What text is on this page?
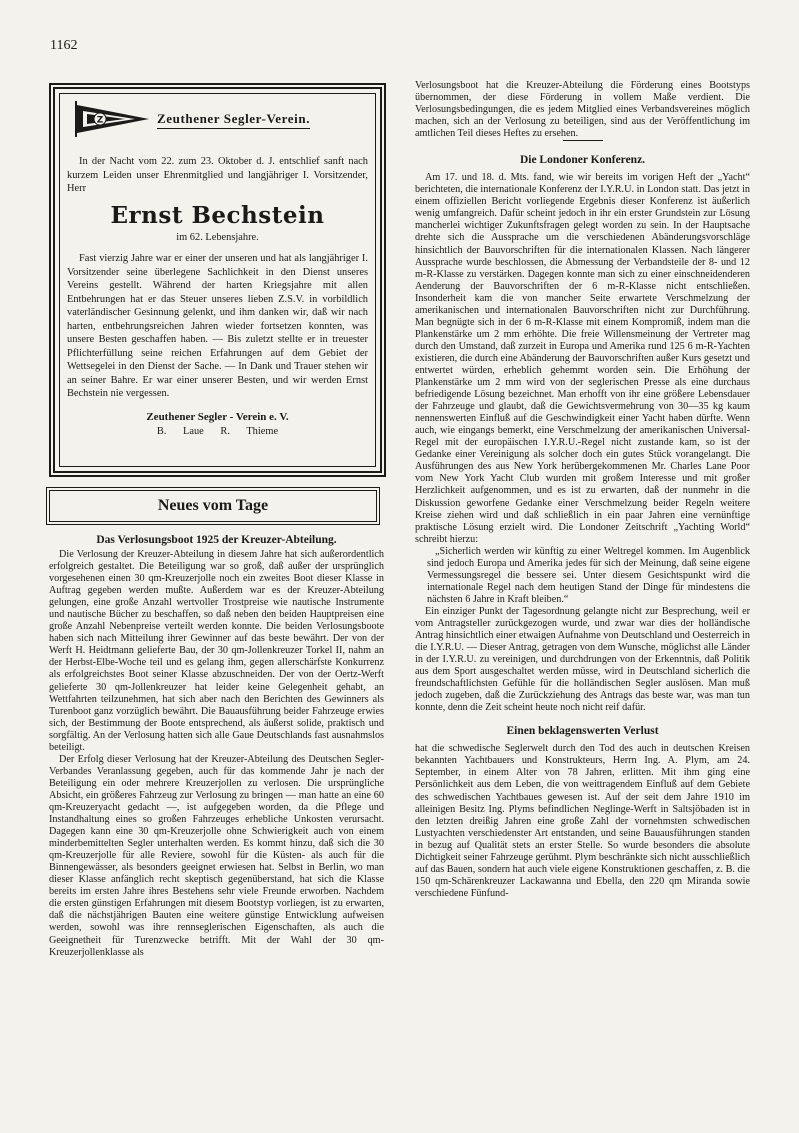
1162
Z	Zeuthener Segler-Verein.

In der Nacht vom 22. zum 23. Oktober d. J. entschlief sanft nach kurzem Leiden unser Ehrenmitglied und langjähriger I. Vorsitzender, Herr

Ernst Bechstein

im 62. Lebensjahre.

Fast vierzig Jahre war er einer der unseren und hat als langjähriger I. Vorsitzender seine überlegene Sachlichkeit in den Dienst unseres Vereins gestellt. Während der harten Kriegsjahre mit allen Entbehrungen hat er das Steuer unseres lieben Z.S.V. in vorbildlich vaterländischer Gesinnung gelenkt, und ihm danken wir, daß wir nach harten, entbehrungsreichen Jahren wieder fortsetzen konnten, was unsere Besten geschaffen haben. — Bis zuletzt stellte er in treuester Pflichterfüllung seine reichen Erfahrungen auf dem Gebiet der Wettsegelei in den Dienst der Sache. — In Dank und Trauer stehen wir an seiner Bahre. Er war einer unserer Besten, und wir werden Ernst Bechstein nie vergessen.

Zeuthener Segler - Verein e. V.
B. Laue R. Thieme
Neues vom Tage
Das Verlosungsboot 1925 der Kreuzer-Abteilung.

Die Verlosung der Kreuzer-Abteilung in diesem Jahre hat sich außerordentlich erfolgreich gestaltet. Die Beteiligung war so groß, daß außer der ursprünglich vorgesehenen einen 30 qm-Kreuzerjolle noch ein zweites Boot dieser Klasse in Auftrag gegeben werden mußte. Außerdem war es der Kreuzer-Abteilung gelungen, eine große Anzahl wertvoller Trostpreise wie nautische Instrumente und nautische Bücher zu beschaffen, so daß neben den beiden Hauptpreisen eine große Anzahl Nebenpreise verteilt werden konnte. Die beiden Verlosungsboote haben sich nach Mitteilung ihrer Gewinner auf das beste bewährt. Der von der Werft H. Heidtmann gelieferte Bau, der 30 qm-Jollenkreuzer Torkel II, nahm an der Herbst-Elbe-Woche teil und es gelang ihm, gegen allerschärfste Konkurrenz als erfolgreichstes Boot seiner Klasse abzuschneiden. Der von der Oertz-Werft gelieferte 30 qm-Jollenkreuzer hat leider keine Gelegenheit gehabt, an Wettfahrten teilzunehmen, hat sich aber nach den Berichten des Gewinners als Turenboot ganz vorzüglich bewährt. Die Bauausführung beider Fahrzeuge erwies sich, der Bestimmung der Boote entsprechend, als äußerst solide, praktisch und sorgfältig. An der Verlosung hatten sich alle Gaue Deutschlands fast ausnahmslos beteiligt.

Der Erfolg dieser Verlosung hat der Kreuzer-Abteilung des Deutschen Segler-Verbandes Veranlassung gegeben, auch für das kommende Jahr je nach der Beteiligung ein oder mehrere Kreuzerjollen zu verlosen. Die ursprüngliche Absicht, ein größeres Fahrzeug zur Verlosung zu bringen — man hatte an eine 60 qm-Kreuzeryacht gedacht —, ist aufgegeben worden, da die Pflege und Instandhaltung eines so großen Fahrzeuges erhebliche Unkosten verursacht. Dagegen kann eine 30 qm-Kreuzerjolle ohne Schwierigkeit auch von einem minderbemittelten Segler unterhalten werden. Es kommt hinzu, daß sich die 30 qm-Kreuzerjolle für alle Reviere, sowohl für die Küsten- als auch für die Binnengewässer, als besonders geeignet erwiesen hat. Selbst in Berlin, wo man dieser Klasse anfänglich recht skeptisch gegenüberstand, hat sich die Klasse bereits im ersten Jahre ihres Bestehens sehr viele Freunde erworben. Nachdem die ersten günstigen Erfahrungen mit diesem Bootstyp vorliegen, ist zu erwarten, daß die nächstjährigen Bauten eine weitere günstige Entwicklung aufweisen werden, sowohl was ihre rennseglerischen Eigenschaften, als auch die Geeignetheit für Turenzwecke betrifft. Mit der Wahl der 30 qm-Kreuzerjollenklasse als

Verlosungsboot hat die Kreuzer-Abteilung die Förderung eines Bootstyps übernommen, der diese Förderung in vollem Maße verdient. Die Verlosungsbedingungen, die es jedem Mitglied eines Verbandsvereines möglich machen, sich an der Verlosung zu beteiligen, sind aus der Veröffentlichung im amtlichen Teil dieses Heftes zu ersehen.

Die Londoner Konferenz.

Am 17. und 18. d. Mts. fand, wie wir bereits im vorigen Heft der „Yacht“ berichteten, die internationale Konferenz der I.Y.R.U. in London statt. Das jetzt in einem offiziellen Bericht vorliegende Ergebnis dieser Konferenz ist äußerlich wenig umfangreich. Dafür scheint jedoch in ihr ein erster Grundstein zur Lösung mancherlei wichtiger Zukunftsfragen gelegt worden zu sein. In der Hauptsache drehte sich die Aussprache um die verschiedenen Abänderungsvorschläge hinsichtlich der Bauvorschriften für die internationalen Klassen. Nach längerer Aussprache wurde beschlossen, die Abmessung der Verbandsteile der 8- und 12 m-R-Klasse zu verstärken. Dagegen konnte man sich zu einer einschneidenderen Aenderung der Bauvorschriften der 6 m-R-Klasse nicht entschließen. Insonderheit kam die von mancher Seite erwartete Verschmelzung der amerikanischen und internationalen Bauvorschriften nicht zur Durchführung. Man begnügte sich in der 6 m-R-Klasse mit einem Kompromiß, indem man die Plankenstärke um 2 mm erhöhte. Die freie Willensmeinung der Vertreter mag durch den Umstand, daß zurzeit in Europa und Amerika rund 125 6 m-R-Yachten existieren, die durch eine Abänderung der Bauvorschriften außer Kurs gesetzt und entwertet würden, erheblich gehemmt worden sein. Die Erhöhung der Plankenstärke um 2 mm wird von der seglerischen Presse als eine durchaus befriedigende Lösung bezeichnet. Man erhofft von ihr eine größere Lebensdauer der Fahrzeuge und glaubt, daß die Gewichtsvermehrung von 30—35 kg kaum nennenswerten Einfluß auf die Geschwindigkeit einer Yacht haben dürfte. Wenn auch, wie eingangs bemerkt, eine Verschmelzung der amerikanischen Universal-Regel mit der europäischen I.Y.R.U.-Regel nicht zustande kam, so ist der Gedanke einer Vereinigung als solcher doch ein gutes Stück vorangelangt. Die Ausführungen des aus New York herübergekommenen Mr. Charles Lane Poor vom New York Yacht Club wurden mit großem Interesse und mit großer Herzlichkeit aufgenommen, und es ist zu erwarten, daß der nunmehr in die Diskussion geworfene Gedanke einer Verschmelzung beider Regeln weitere Kreise ziehen wird und daß schließlich in ein paar Jahren eine vernünftige praktische Lösung erzielt wird. Die Londoner Zeitschrift „Yachting World“ schreibt hierzu:

„Sicherlich werden wir künftig zu einer Weltregel kommen. Im Augenblick sind jedoch Europa und Amerika jedes für sich der Meinung, daß seine eigene Vermessungsregel die bessere sei. Unter diesem Gesichtspunkt wird die internationale Regel nach dem heutigen Stand der Dinge für mindestens die nächsten 6 Jahre in Kraft bleiben.“

Ein einziger Punkt der Tagesordnung gelangte nicht zur Besprechung, weil er vom Antragsteller zurückgezogen wurde, und zwar war dies der holländische Antrag hinsichtlich einer etwaigen Aufnahme von Deutschland und Oesterreich in die I.Y.R.U. — Dieser Antrag, getragen von dem Wunsche, möglichst alle Länder in der I.Y.R.U. zu vereinigen, und durchdrungen von der Erkenntnis, daß Politik aus dem Sport ausgeschaltet werden müsse, wird in Deutschland sicherlich die freundschaftlichsten Gefühle für die holländischen Segler auslösen. Man muß jedoch zugeben, daß die Zurückziehung des Antrags das beste war, was man tun konnte, denn die Zeit scheint heute noch nicht reif dafür.

Einen beklagenswerten Verlust

hat die schwedische Seglerwelt durch den Tod des auch in deutschen Kreisen bekannten Yachtbauers und Konstrukteurs, Herrn Ing. A. Plym, am 24. September, in einem Alter von 78 Jahren, erlitten. Mit ihm ging eine Persönlichkeit aus dem Leben, die von weittragendem Einfluß auf dem Gebiete des schwedischen Yachtbaues gewesen ist. Auf der seit dem Jahre 1910 im alleinigen Besitz Ing. Plyms befindlichen Neglinge-Werft in Saltsjöbaden ist in den letzten dreißig Jahren eine große Zahl der vornehmsten schwedischen Lustyachten verschiedenster Art entstanden, und seine Bauausführungen standen in bezug auf Qualität stets an erster Stelle. So wurde besonders die absolute Dichtigkeit seiner Fahrzeuge gerühmt. Plym beschränkte sich nicht ausschließlich auf das Bauen, sondern hat auch viele eigene Konstruktionen geschaffen, z. B. die 150 qm-Schärenkreuzer Lackawanna und Ebella, den 220 qm Miranda sowie verschiedene Fünfund-
